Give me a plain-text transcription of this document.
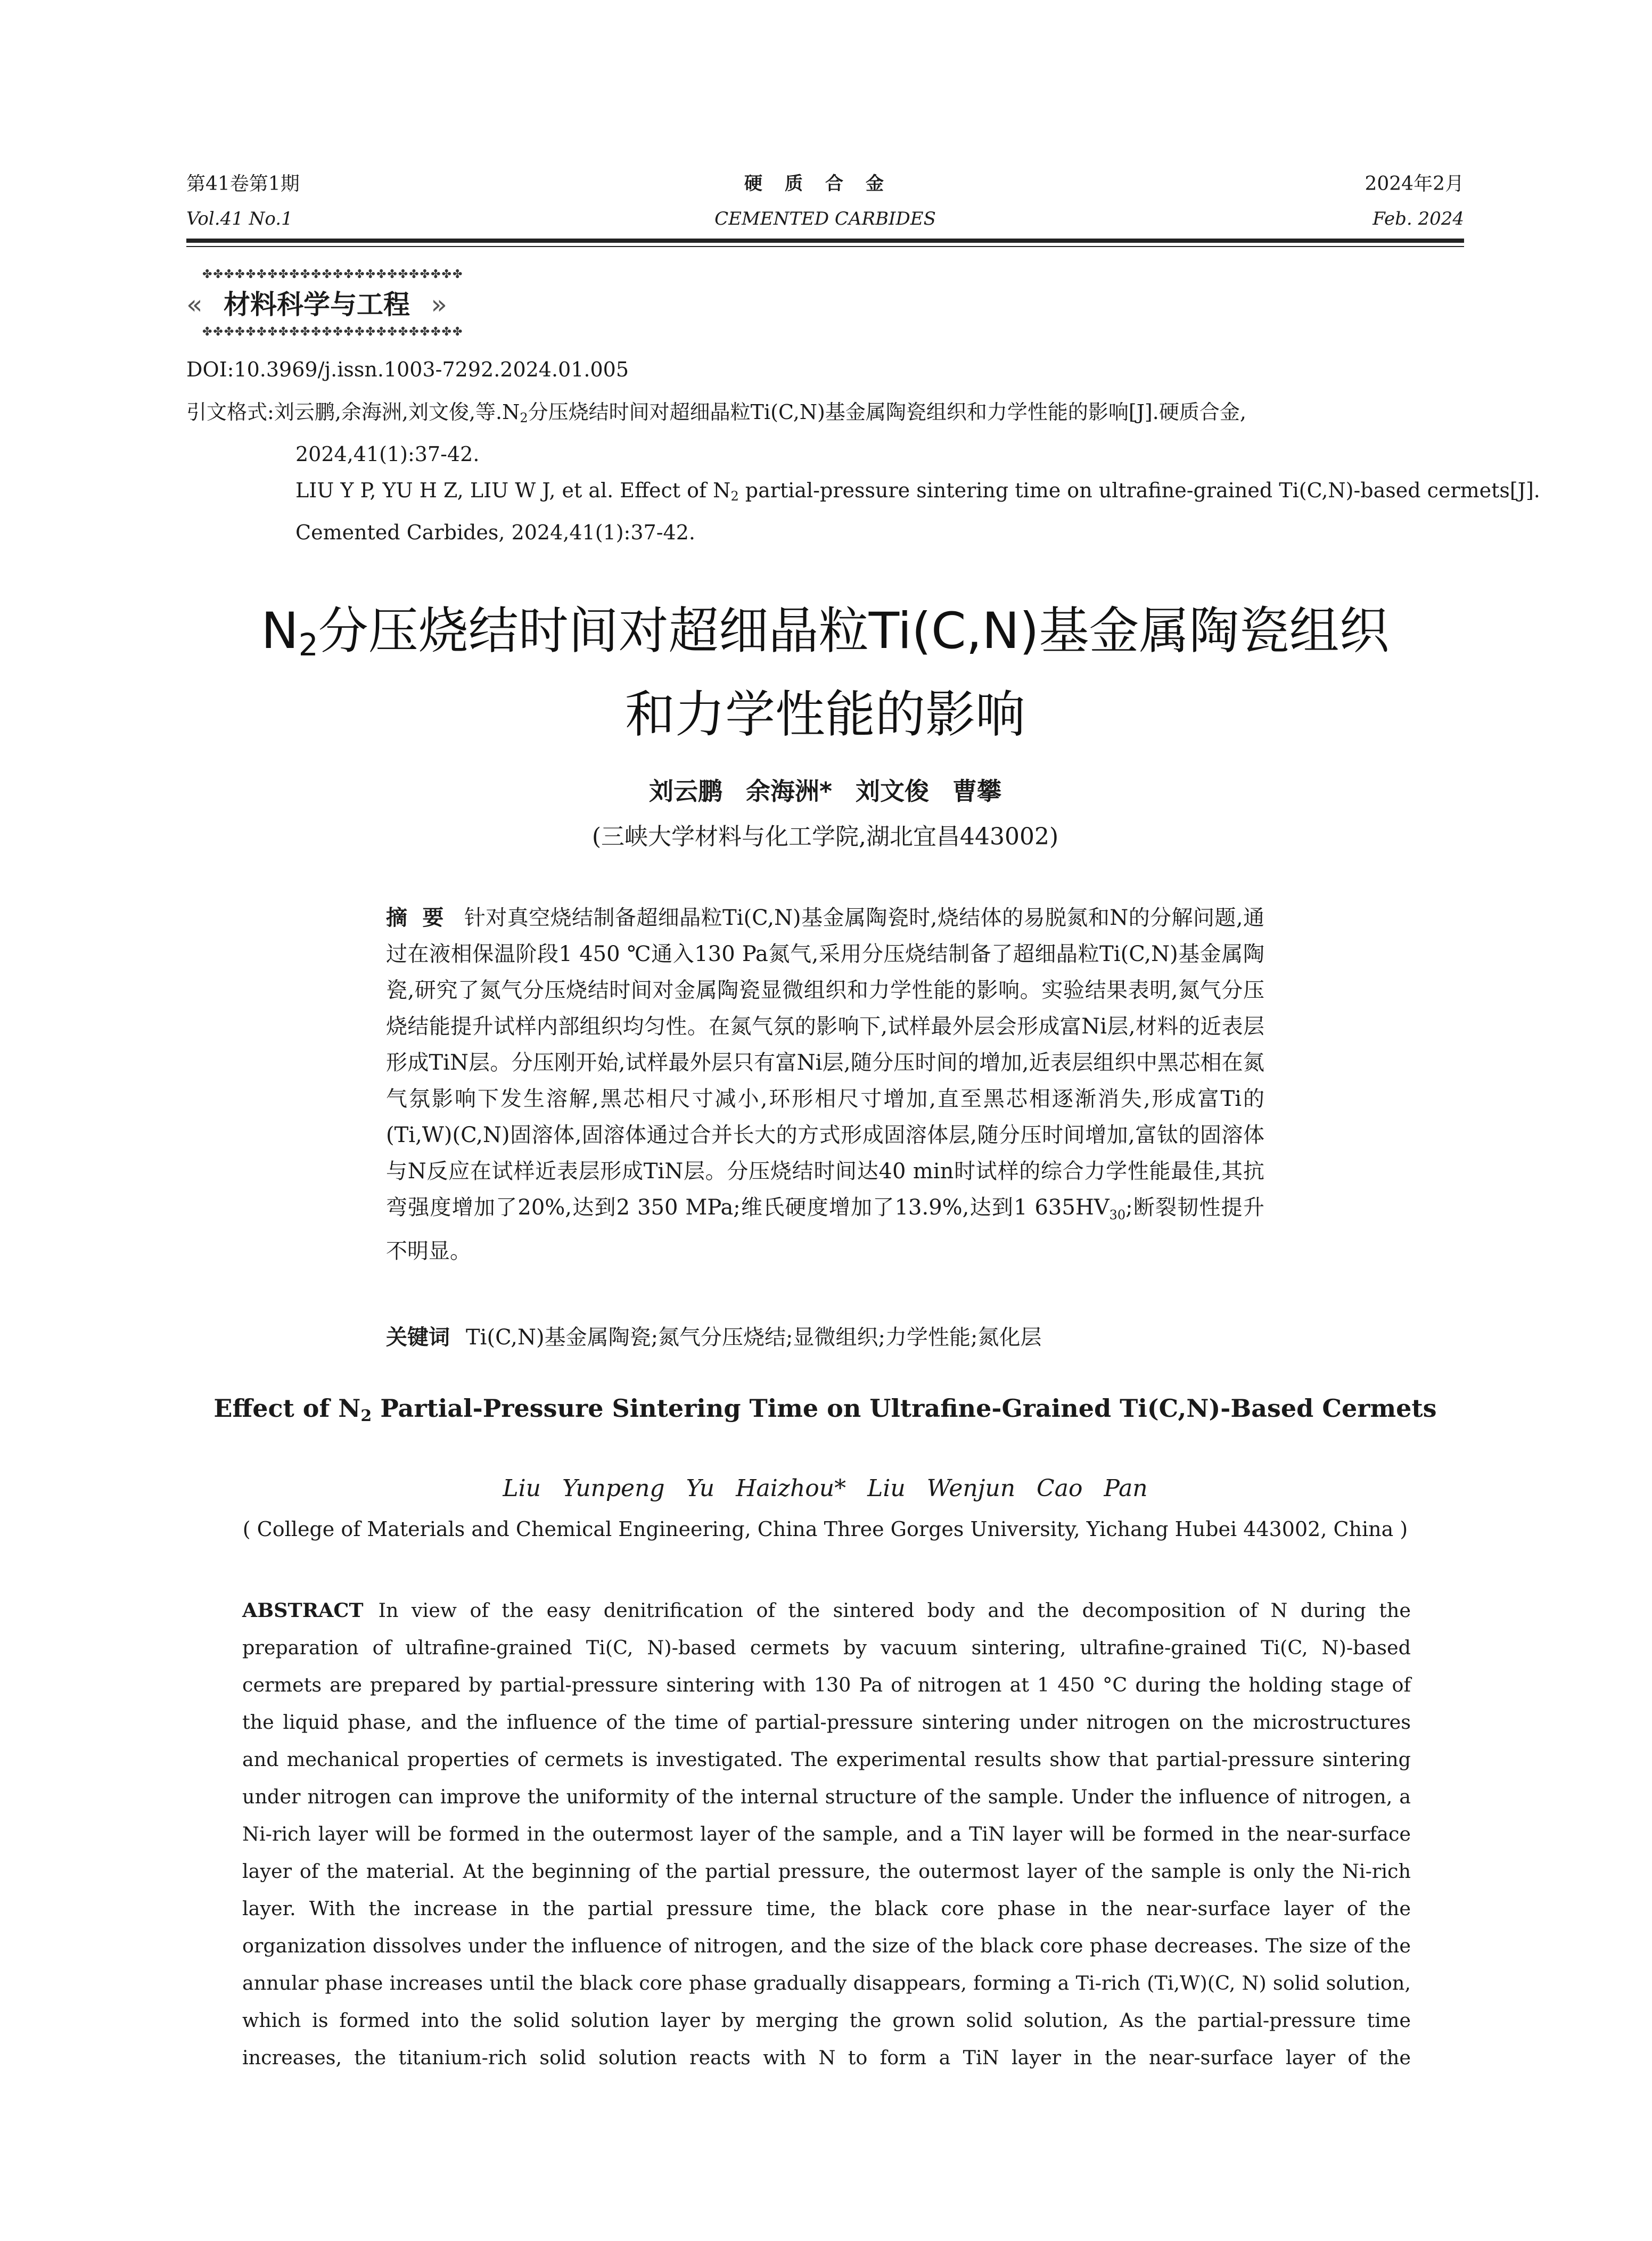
第41卷第1期
Vol.41 No.1
硬质合金
CEMENTED CARBIDES
2024年2月
Feb. 2024
✤✤✤✤✤✤✤✤✤✤✤✤✤✤✤✤✤✤✤✤✤✤✤✤
« 材料科学与工程 »
✤✤✤✤✤✤✤✤✤✤✤✤✤✤✤✤✤✤✤✤✤✤✤✤
DOI:10.3969/j.issn.1003-7292.2024.01.005
引文格式:刘云鹏,余海洲,刘文俊,等$.N_2$分压烧结时间对超细晶粒Ti(C,N)基金属陶瓷组织和力学性能的影响[J].硬质合金,
2024,41(1):37-42.
LIU Y P, YU H Z, LIU W J, et al. Effect of $N_2$ partial-pressure sintering time on ultrafine-grained Ti(C,N)-based cermets[J].
Cemented Carbides, 2024,41(1):37-42.
$N_2$分压烧结时间对超细晶粒Ti(C,N)基金属陶瓷组织
和力学性能的影响
刘云鹏 余海洲* 刘文俊 曹攀
(三峡大学材料与化工学院,湖北宜昌443002)

摘要 针对真空烧结制备超细晶粒Ti(C,N)基金属陶瓷时,烧结体的易脱氮和N的分解问题,通过在液相保温阶段1 450 ℃通入130 Pa氮气,采用分压烧结制备了超细晶粒Ti(C,N)基金属陶瓷,研究了氮气分压烧结时间对金属陶瓷显微组织和力学性能的影响。实验结果表明,氮气分压烧结能提升试样内部组织均匀性。在氮气氛的影响下,试样最外层会形成富Ni层,材料的近表层形成TiN层。分压刚开始,试样最外层只有富Ni层,随分压时间的增加,近表层组织中黑芯相在氮气氛影响下发生溶解,黑芯相尺寸减小,环形相尺寸增加,直至黑芯相逐渐消失,形成富Ti的(Ti,W)(C,N)固溶体,固溶体通过合并长大的方式形成固溶体层,随分压时间增加,富钛的固溶体与N反应在试样近表层形成TiN层。分压烧结时间达40 min时试样的综合力学性能最佳,其抗弯强度增加了20%,达到2 350 MPa;维氏硬度增加了13.9%,达到1 $635HV_{30}$;断裂韧性提升不明显。

关键词 Ti(C,N)基金属陶瓷;氮气分压烧结;显微组织;力学性能;氮化层
Effect of $N_2$ Partial-Pressure Sintering Time on Ultrafine-Grained Ti(C,N)-Based Cermets
Liu Yunpeng Yu Haizhou* Liu Wenjun Cao Pan
( College of Materials and Chemical Engineering, China Three Gorges University, Yichang Hubei 443002, China )

ABSTRACT In view of the easy denitrification of the sintered body and the decomposition of N during the preparation of ultrafine-grained Ti(C, N)-based cermets by vacuum sintering, ultrafine-grained Ti(C, N)-based cermets are prepared by partial-pressure sintering with 130 Pa of nitrogen at 1 450 °C during the holding stage of the liquid phase, and the influence of the time of partial-pressure sintering under nitrogen on the microstructures and mechanical properties of cermets is investigated. The experimental results show that partial-pressure sintering under nitrogen can improve the uniformity of the internal structure of the sample. Under the influence of nitrogen, a Ni-rich layer will be formed in the outermost layer of the sample, and a TiN layer will be formed in the near-surface layer of the material. At the beginning of the partial pressure, the outermost layer of the sample is only the Ni-rich layer. With the increase in the partial pressure time, the black core phase in the near-surface layer of the organization dissolves under the influence of nitrogen, and the size of the black core phase decreases. The size of the annular phase increases until the black core phase gradually disappears, forming a Ti-rich (Ti,W)(C, N) solid solution, which is formed into the solid solution layer by merging the grown solid solution, As the partial-pressure time increases, the titanium-rich solid solution reacts with N to form a TiN layer in the near-surface layer of the
